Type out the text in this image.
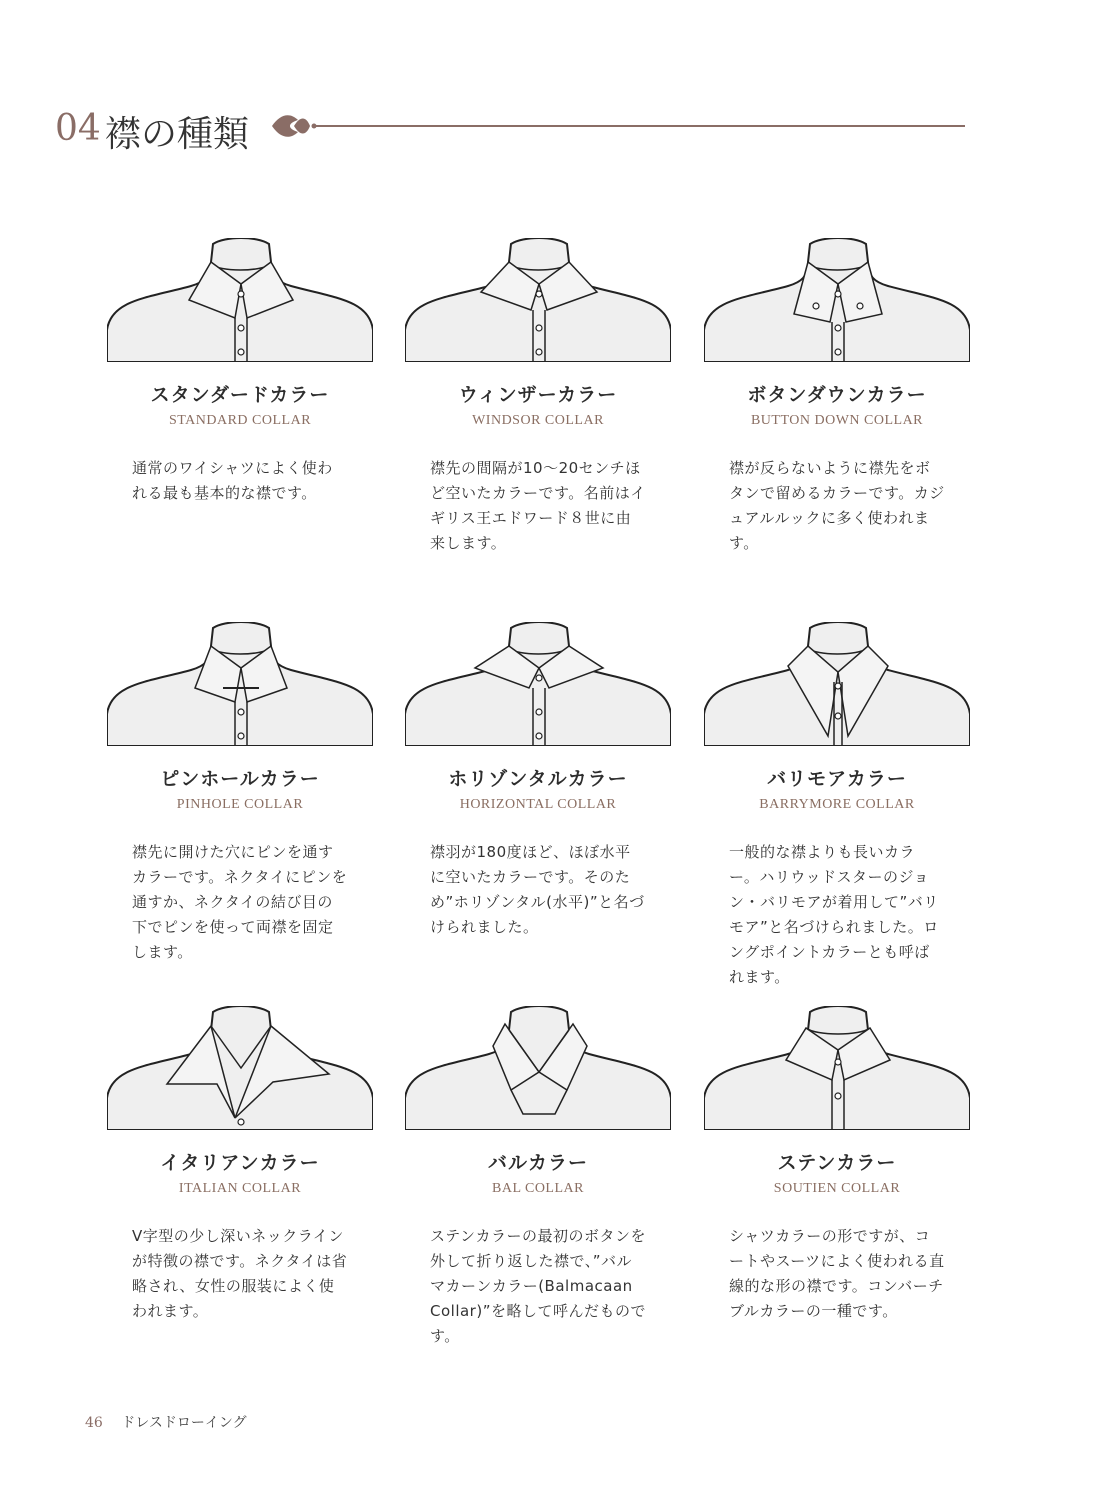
04 襟の種類
スタンダードカラー
STANDARD COLLAR
通常のワイシャツによく使われる最も基本的な襟です。
ウィンザーカラー
WINDSOR COLLAR
襟先の間隔が10～20センチほど空いたカラーです。名前はイギリス王エドワード８世に由来します。
ボタンダウンカラー
BUTTON DOWN COLLAR
襟が反らないように襟先をボタンで留めるカラーです。カジュアルルックに多く使われます。
ピンホールカラー
PINHOLE COLLAR
襟先に開けた穴にピンを通すカラーです。ネクタイにピンを通すか、ネクタイの結び目の下でピンを使って両襟を固定します。
ホリゾンタルカラー
HORIZONTAL COLLAR
襟羽が180度ほど、ほぼ水平に空いたカラーです。そのため”ホリゾンタル(水平)”と名づけられました。
バリモアカラー
BARRYMORE COLLAR
一般的な襟よりも長いカラー。ハリウッドスターのジョン・バリモアが着用して”バリモア”と名づけられました。ロングポイントカラーとも呼ばれます。
イタリアンカラー
ITALIAN COLLAR
V字型の少し深いネックラインが特徴の襟です。ネクタイは省略され、女性の服装によく使われます。
バルカラー
BAL COLLAR
ステンカラーの最初のボタンを外して折り返した襟で、”バルマカーンカラー(Balmacaan Collar)”を略して呼んだものです。
ステンカラー
SOUTIEN COLLAR
シャツカラーの形ですが、コートやスーツによく使われる直線的な形の襟です。コンバーチブルカラーの一種です。
46 ドレスドローイング
